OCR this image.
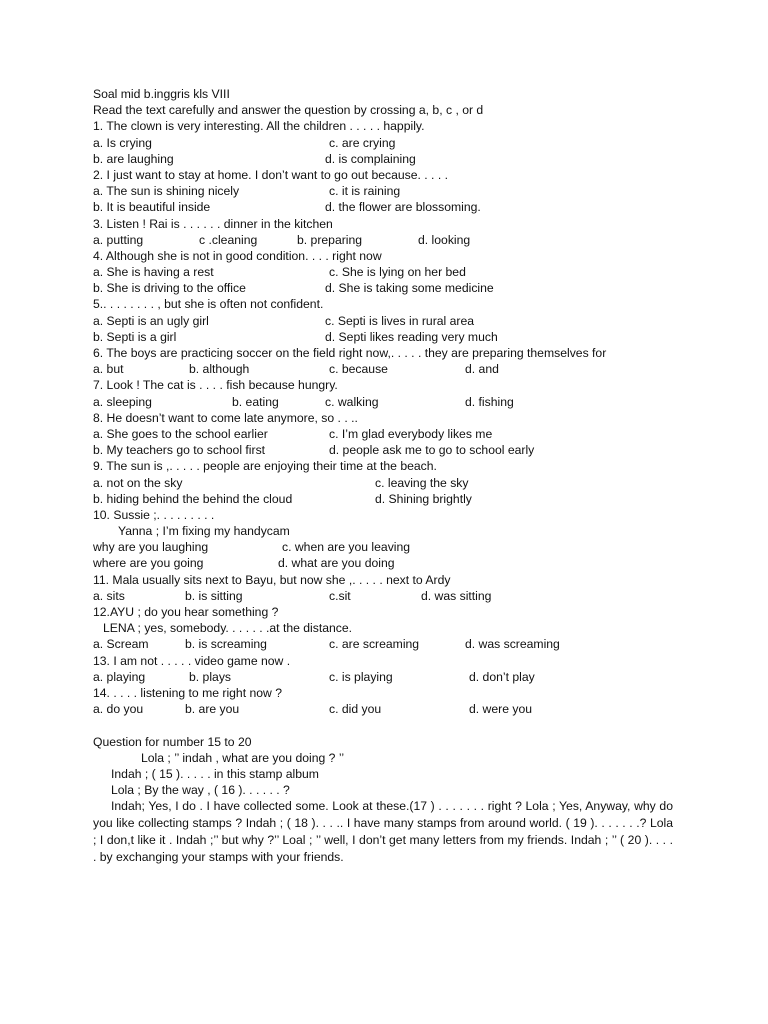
Soal mid b.inggris kls VIII
Read the text carefully and answer the question by crossing a, b, c , or d
1. The clown is very interesting. All the children . . . . . happily.
a. Is crying	c. are crying
b. are laughing	d. is complaining
2. I just want to stay at home. I don’t want to go out because. . . . .
a. The sun is shining nicely	c. it is raining
b. It is beautiful inside	d. the flower are blossoming.
3. Listen ! Rai is . . . . . . dinner in the kitchen
a. putting	c .cleaning	b. preparing	d. looking
4. Although she is not in good condition. . . . right now
a. She is having a rest	c. She is lying on her bed
b. She is driving to the office	d. She is taking some medicine
5.. . . . . . . . , but she is often not confident.
a. Septi is an ugly girl	c. Septi is lives in rural area
b. Septi is a girl	d. Septi likes reading very much
6. The boys are practicing soccer on the field right now,. . . . . they are preparing themselves for
a. but	b. although	c. because	d. and
7. Look ! The cat is . . . . fish because hungry.
a. sleeping	b. eating	c. walking	d. fishing
8. He doesn’t want to come late anymore, so . . ..
a. She goes to the school earlier	c. I’m glad everybody likes me
b. My teachers go to school first	d. people ask me to go to school early
9. The sun is ,. . . . . people are enjoying their time at the beach.
a. not on the sky	c. leaving the sky
b. hiding behind the behind the cloud	d. Shining brightly
10. Sussie ;. . . . . . . . .
Yanna ; I’m fixing my handycam
why are you laughing	c. when are you leaving
where are you going	d. what are you doing
11. Mala usually sits next to Bayu, but now she ,. . . . . next to Ardy
a. sits	b. is sitting	c.sit	d. was sitting
12.AYU ; do you hear something ?
LENA ; yes, somebody. . . . . . .at the distance.
a. Scream	b. is screaming	c. are screaming	d. was screaming
13. I am not . . . . . video game now .
a. playing	b. plays	c. is playing	d. don’t play
14. . . . . listening to me right now ?
a. do you	b. are you	c. did you	d. were you
Question for number 15 to 20
Lola ; ’’ indah , what are you doing ? ’’
Indah ; ( 15 ). . . . . in this stamp album
Lola ; By the way , ( 16 ). . . . . . ?

Indah; Yes, I do . I have collected some. Look at these.(17 ) . . . . . . . right ? Lola ; Yes, Anyway, why do you like collecting stamps ? Indah ; ( 18 ). . . .. I have many stamps from around world. ( 19 ). . . . . . .? Lola ; I don,t like it . Indah ;’’ but why ?’’ Loal ; ’’ well, I don’t get many letters from my friends. Indah ; ’’ ( 20 ). . . . . by exchanging your stamps with your friends.
